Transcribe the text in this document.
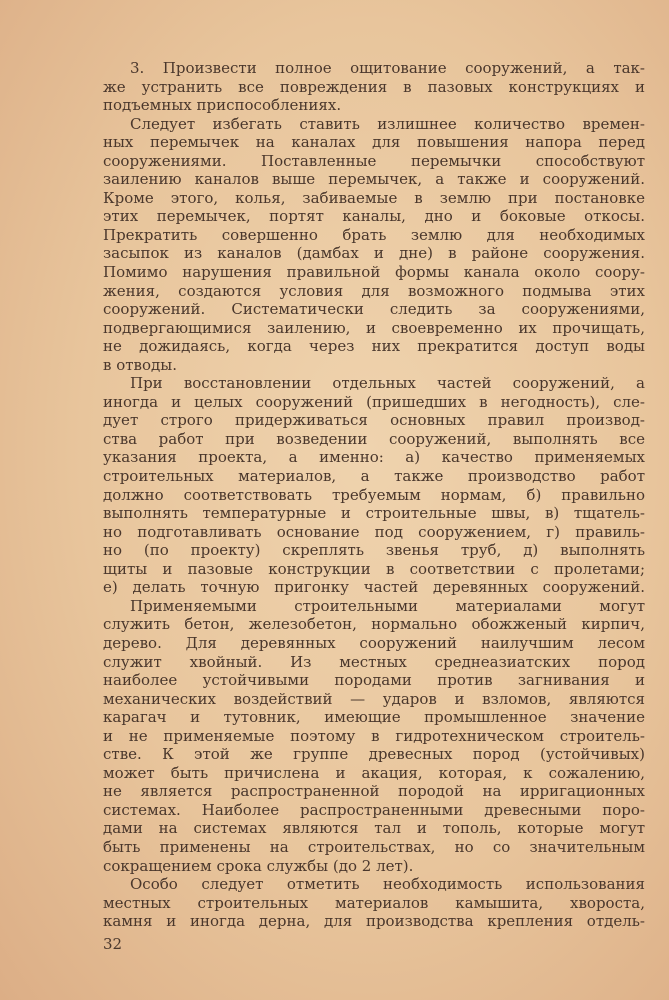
3. Произвести полное ощитование сооружений, а так-
же устранить все повреждения в пазовых конструкциях и
подъемных приспособлениях.
Следует избегать ставить излишнее количество времен-
ных перемычек на каналах для повышения напора перед
сооружениями. Поставленные перемычки способствуют
заилению каналов выше перемычек, а также и сооружений.
Кроме этого, колья, забиваемые в землю при постановке
этих перемычек, портят каналы, дно и боковые откосы.
Прекратить совершенно брать землю для необходимых
засыпок из каналов (дамбах и дне) в районе сооружения.
Помимо нарушения правильной формы канала около соору-
жения, создаются условия для возможного подмыва этих
сооружений. Систематически следить за сооружениями,
подвергающимися заилению, и своевременно их прочищать,
не дожидаясь, когда через них прекратится доступ воды
в отводы.
При восстановлении отдельных частей сооружений, а
иногда и целых сооружений (пришедших в негодность), сле-
дует строго придерживаться основных правил производ-
ства работ при возведении сооружений, выполнять все
указания проекта, а именно: а) качество применяемых
строительных материалов, а также производство работ
должно соответствовать требуемым нормам, б) правильно
выполнять температурные и строительные швы, в) тщатель-
но подготавливать основание под сооружением, г) правиль-
но (по проекту) скреплять звенья труб, д) выполнять
щиты и пазовые конструкции в соответствии с пролетами;
е) делать точную пригонку частей деревянных сооружений.
Применяемыми строительными материалами могут
служить бетон, железобетон, нормально обожженый кирпич,
дерево. Для деревянных сооружений наилучшим лесом
служит хвойный. Из местных среднеазиатских пород
наиболее устойчивыми породами против загнивания и
механических воздействий — ударов и взломов, являются
карагач и тутовник, имеющие промышленное значение
и не применяемые поэтому в гидротехническом строитель-
стве. К этой же группе древесных пород (устойчивых)
может быть причислена и акация, которая, к сожалению,
не является распространенной породой на ирригационных
системах. Наиболее распространенными древесными поро-
дами на системах являются тал и тополь, которые могут
быть применены на строительствах, но со значительным
сокращением срока службы (до 2 лет).
Особо следует отметить необходимость использования
местных строительных материалов камышита, хвороста,
камня и иногда дерна, для производства крепления отдель-
32
